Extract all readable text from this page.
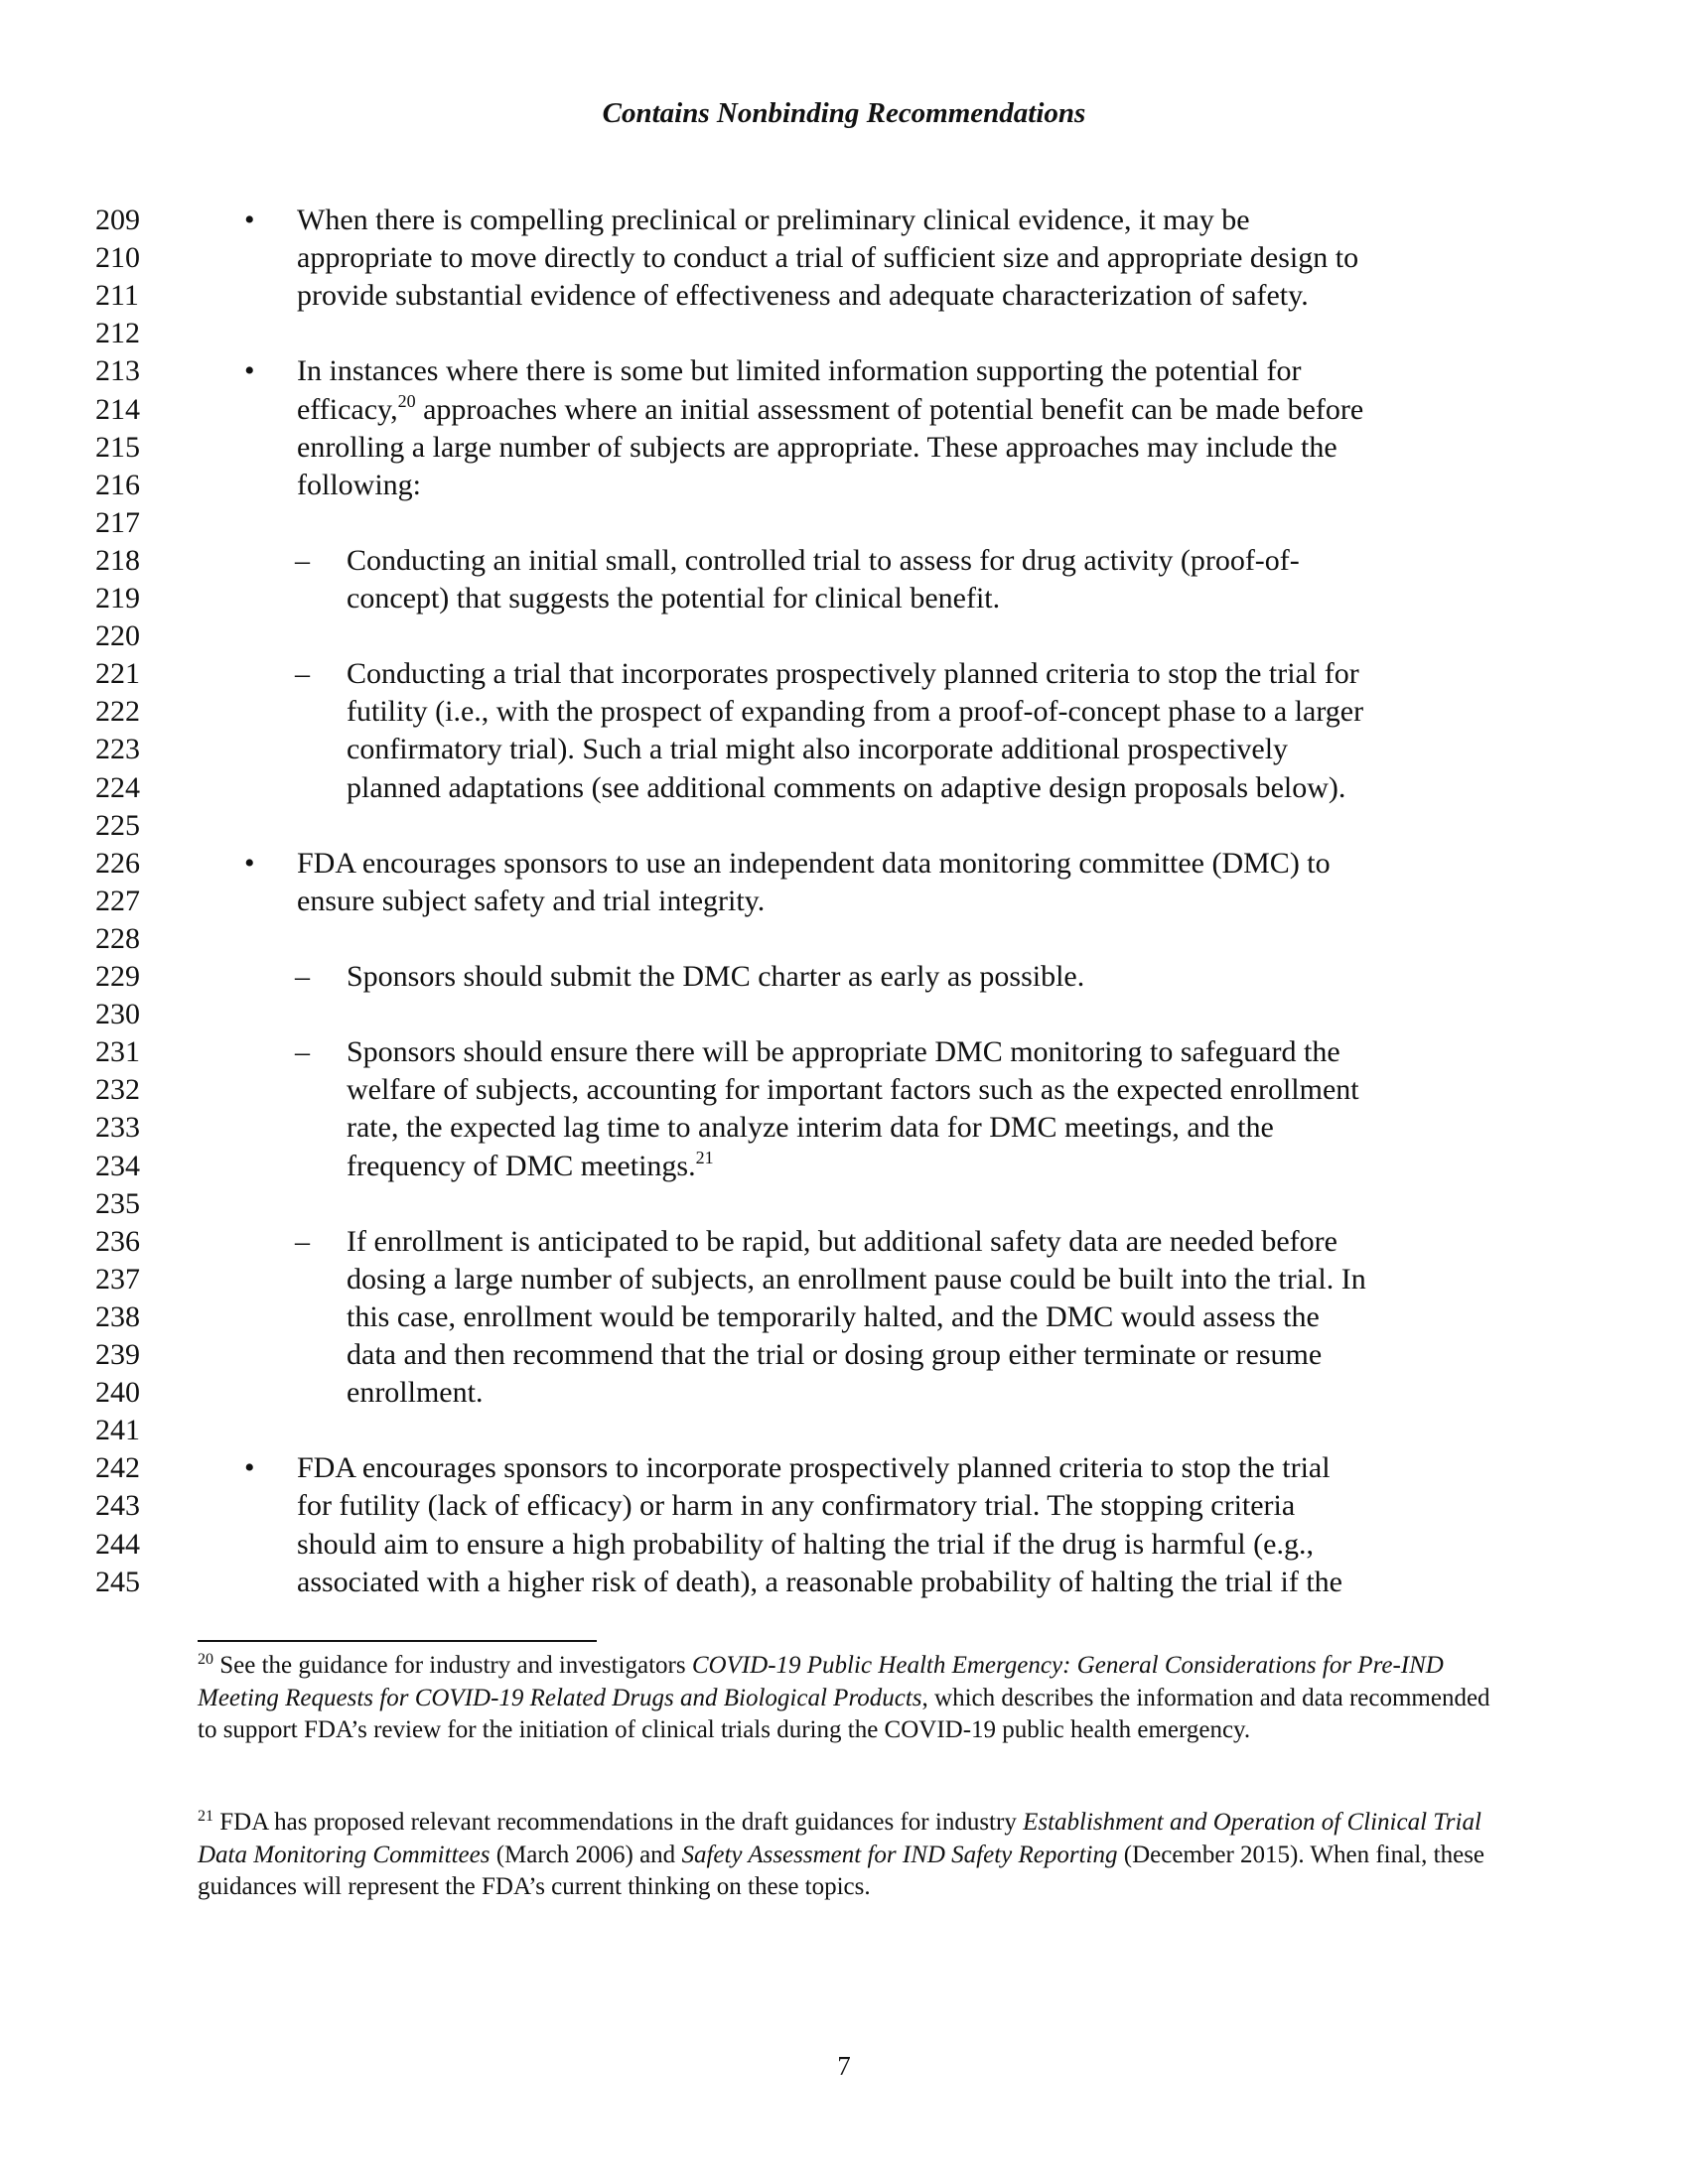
Contains Nonbinding Recommendations
209	• When there is compelling preclinical or preliminary clinical evidence, it may be
210	appropriate to move directly to conduct a trial of sufficient size and appropriate design to
211	provide substantial evidence of effectiveness and adequate characterization of safety.
212
213	• In instances where there is some but limited information supporting the potential for
214	efficacy,$^{20}$ approaches where an initial assessment of potential benefit can be made before
215	enrolling a large number of subjects are appropriate. These approaches may include the
216	following:
217
218	– Conducting an initial small, controlled trial to assess for drug activity (proof-of-
219	concept) that suggests the potential for clinical benefit.
220
221	– Conducting a trial that incorporates prospectively planned criteria to stop the trial for
222	futility (i.e., with the prospect of expanding from a proof-of-concept phase to a larger
223	confirmatory trial). Such a trial might also incorporate additional prospectively
224	planned adaptations (see additional comments on adaptive design proposals below).
225
226	• FDA encourages sponsors to use an independent data monitoring committee (DMC) to
227	ensure subject safety and trial integrity.
228
229	– Sponsors should submit the DMC charter as early as possible.
230
231	– Sponsors should ensure there will be appropriate DMC monitoring to safeguard the
232	welfare of subjects, accounting for important factors such as the expected enrollment
233	rate, the expected lag time to analyze interim data for DMC meetings, and the
234	frequency of DMC meetings.$^{21}$
235
236	– If enrollment is anticipated to be rapid, but additional safety data are needed before
237	dosing a large number of subjects, an enrollment pause could be built into the trial. In
238	this case, enrollment would be temporarily halted, and the DMC would assess the
239	data and then recommend that the trial or dosing group either terminate or resume
240	enrollment.
241
242	• FDA encourages sponsors to incorporate prospectively planned criteria to stop the trial
243	for futility (lack of efficacy) or harm in any confirmatory trial. The stopping criteria
244	should aim to ensure a high probability of halting the trial if the drug is harmful (e.g.,
245	associated with a higher risk of death), a reasonable probability of halting the trial if the
$^{20}$ See the guidance for industry and investigators COVID-19 Public Health Emergency: General Considerations for Pre-IND Meeting Requests for COVID-19 Related Drugs and Biological Products, which describes the information and data recommended to support FDA’s review for the initiation of clinical trials during the COVID-19 public health emergency.
$^{21}$ FDA has proposed relevant recommendations in the draft guidances for industry Establishment and Operation of Clinical Trial Data Monitoring Committees (March 2006) and Safety Assessment for IND Safety Reporting (December 2015). When final, these guidances will represent the FDA’s current thinking on these topics.
7
